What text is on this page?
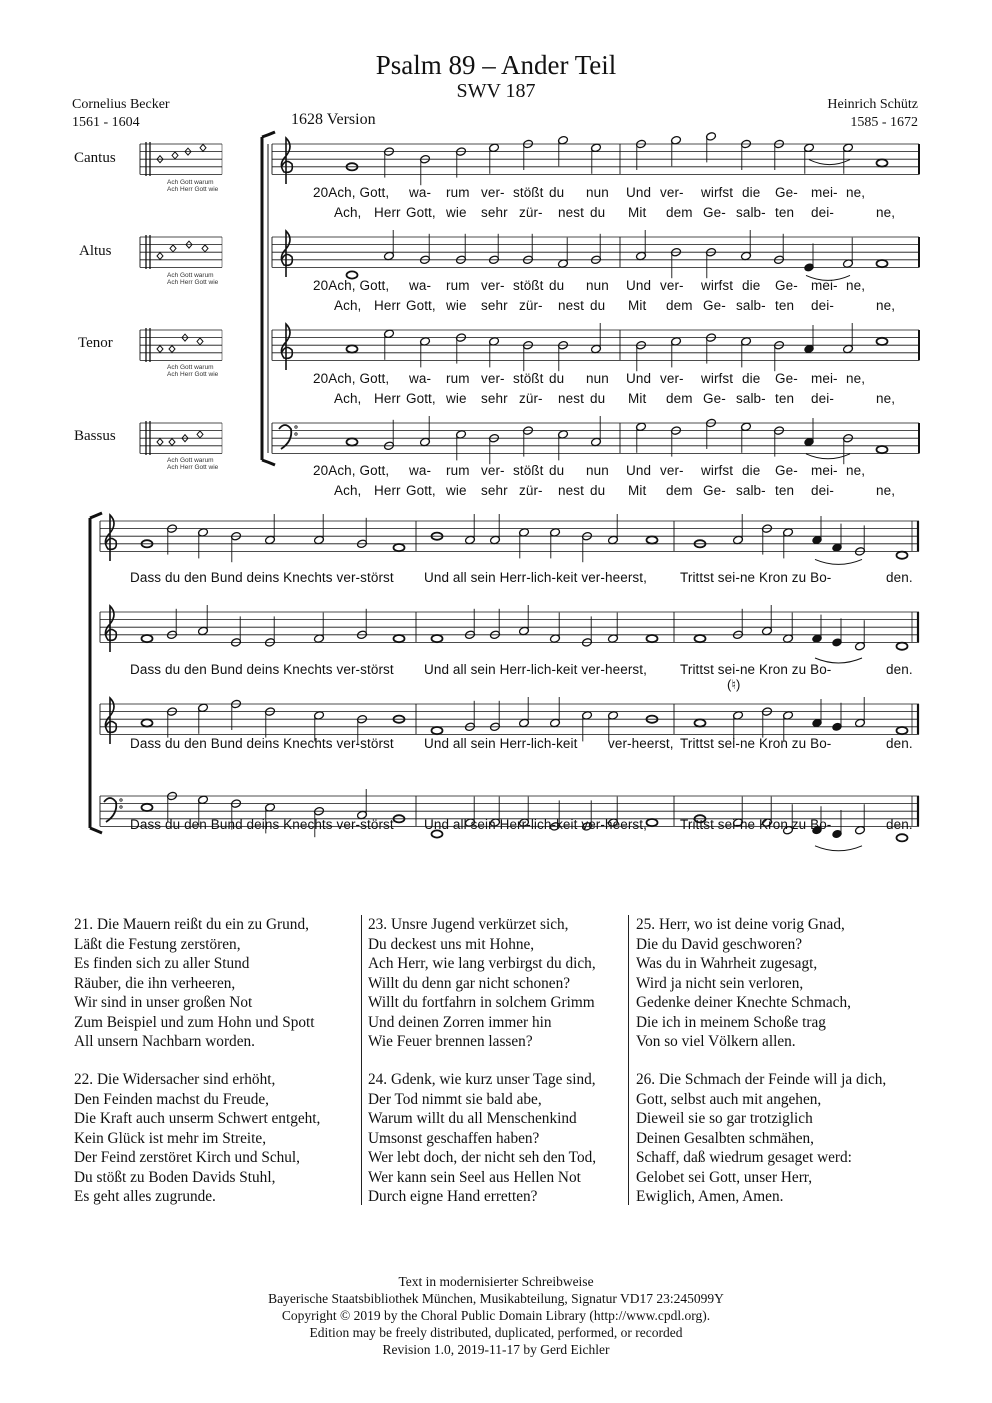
Psalm 89 – Ander Teil
SWV 187
Cornelius Becker
1561 - 1604
Heinrich Schütz
1585 - 1672
1628 Version
Cantus
Altus
Tenor
Bassus
Ach Gott warum
Ach Herr Gott wie
Ach Gott warum
Ach Herr Gott wie
Ach Gott warum
Ach Herr Gott wie
Ach Gott warum
Ach Herr Gott wie
c
c
c
c
c
c
c
c
20Ach, Gott, wa- rum ver- stößt du nun Und ver- wirfst die Ge- mei- ne,
Ach, Herr Gott, wie sehr zür- nest du Mit dem Ge- salb- ten dei-	ne,
20Ach, Gott, wa- rum ver- stößt du nun Und ver- wirfst die Ge- mei- ne,
Ach, Herr Gott, wie sehr zür- nest du Mit dem Ge- salb- ten dei-	ne,
20Ach, Gott, wa- rum ver- stößt du nun Und ver- wirfst die Ge- mei- ne,
Ach, Herr Gott, wie sehr zür- nest du Mit dem Ge- salb- ten dei-	ne,
20Ach, Gott, wa- rum ver- stößt du nun Und ver- wirfst die Ge- mei- ne,
Ach, Herr Gott, wie sehr zür- nest du Mit dem Ge- salb- ten dei-	ne,
Dass du den Bund deins Knechts ver-störst Und all sein Herr-lich-keit ver-heerst, Trittst sei-ne Kron zu Bo-	den.
Dass du den Bund deins Knechts ver-störst Und all sein Herr-lich-keit ver-heerst, Trittst sei-ne Kron zu Bo-	den.
Dass du den Bund deins Knechts ver-störst Und all sein Herr-lich-keit ver-heerst, Trittst sei-ne Kron zu Bo-	den.
Dass du den Bund deins Knechts ver-störst Und all sein Herr-lich-keit ver-heerst, Trittst sei-ne Kron zu Bo-	den.
(♮)
21. Die Mauern reißt du ein zu Grund,
Läßt die Festung zerstören,
Es finden sich zu aller Stund
Räuber, die ihn verheeren,
Wir sind in unser großen Not
Zum Beispiel und zum Hohn und Spott
All unsern Nachbarn worden.
22. Die Widersacher sind erhöht,
Den Feinden machst du Freude,
Die Kraft auch unserm Schwert entgeht,
Kein Glück ist mehr im Streite,
Der Feind zerstöret Kirch und Schul,
Du stößt zu Boden Davids Stuhl,
Es geht alles zugrunde.
23. Unsre Jugend verkürzet sich,
Du deckest uns mit Hohne,
Ach Herr, wie lang verbirgst du dich,
Willt du denn gar nicht schonen?
Willt du fortfahrn in solchem Grimm
Und deinen Zorren immer hin
Wie Feuer brennen lassen?
24. Gdenk, wie kurz unser Tage sind,
Der Tod nimmt sie bald abe,
Warum willt du all Menschenkind
Umsonst geschaffen haben?
Wer lebt doch, der nicht seh den Tod,
Wer kann sein Seel aus Hellen Not
Durch eigne Hand erretten?
25. Herr, wo ist deine vorig Gnad,
Die du David geschworen?
Was du in Wahrheit zugesagt,
Wird ja nicht sein verloren,
Gedenke deiner Knechte Schmach,
Die ich in meinem Schoße trag
Von so viel Völkern allen.
26. Die Schmach der Feinde will ja dich,
Gott, selbst auch mit angehen,
Dieweil sie so gar trotziglich
Deinen Gesalbten schmähen,
Schaff, daß wiedrum gesaget werd:
Gelobet sei Gott, unser Herr,
Ewiglich, Amen, Amen.
Text in modernisierter Schreibweise
Bayerische Staatsbibliothek München, Musikabteilung, Signatur VD17 23:245099Y
Copyright © 2019 by the Choral Public Domain Library (http://www.cpdl.org).
Edition may be freely distributed, duplicated, performed, or recorded
Revision 1.0, 2019-11-17 by Gerd Eichler
